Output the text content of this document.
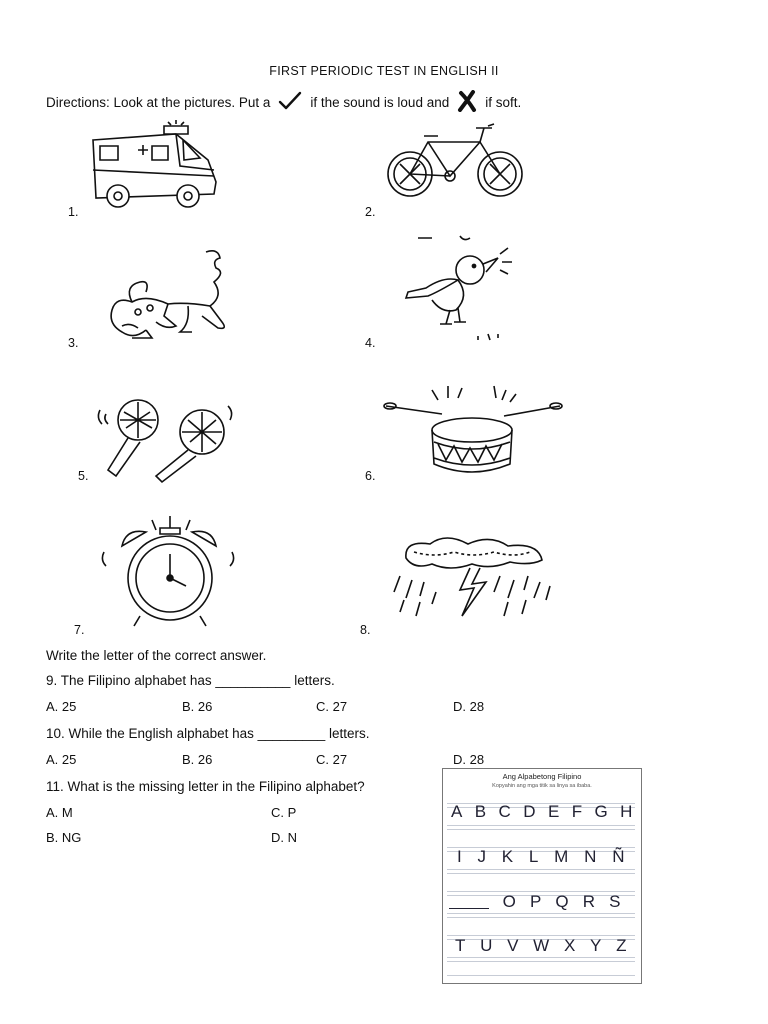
FIRST PERIODIC TEST IN ENGLISH II
Directions: Look at the pictures. Put a	if the sound is loud and	if soft.
1.	2.
3.	4.
5.	6.
7.	8.
Write the letter of the correct answer.
9. The Filipino alphabet has __________ letters.
A. 25	B. 26	C. 27	D. 28
10. While the English alphabet has _________ letters.
A. 25	B. 26	C. 27	D. 28
11. What is the missing letter in the Filipino alphabet?
A. M	C. P
B. NG	D. N
Ang Alpabetong Filipino
Kopyahin ang mga titik sa linya sa ibaba.
A B C D E F G H
I J K L M N Ñ
O P Q R S
T U V W X Y Z
